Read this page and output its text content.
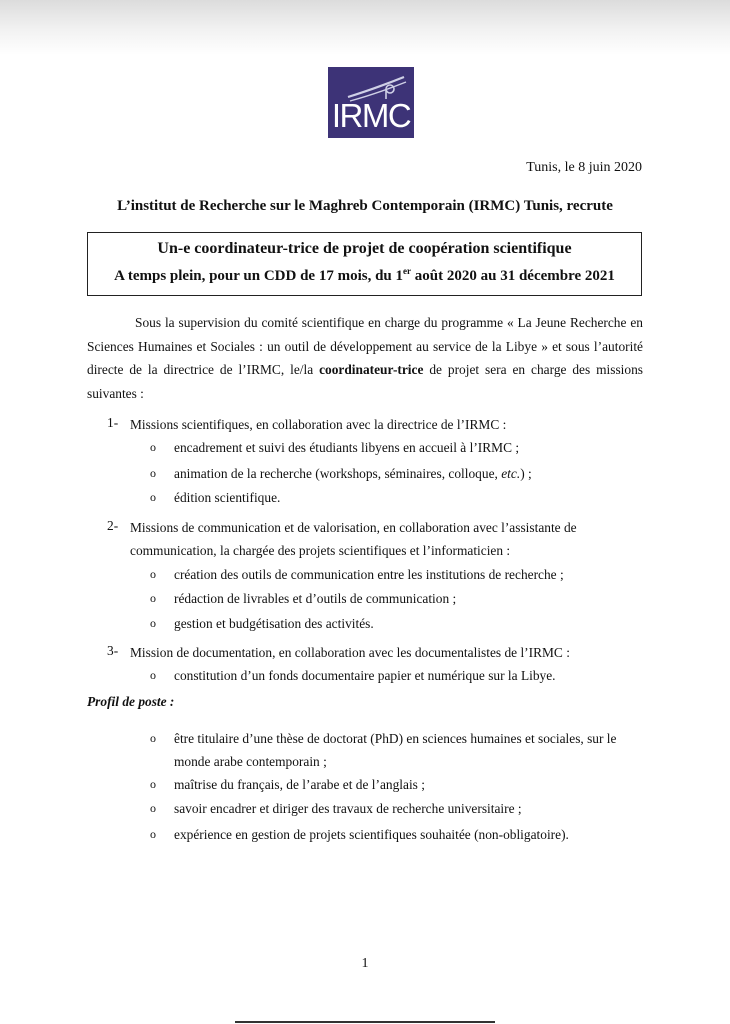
IRMC
Tunis, le 8 juin 2020
L’institut de Recherche sur le Maghreb Contemporain (IRMC) Tunis, recrute
Un-e coordinateur-trice de projet de coopération scientifique
A temps plein, pour un CDD de 17 mois, du 1er août 2020 au 31 décembre 2021
Sous la supervision du comité scientifique en charge du programme « La Jeune Recherche en Sciences Humaines et Sociales : un outil de développement au service de la Libye » et sous l’autorité directe de la directrice de l’IRMC, le/la coordinateur-trice de projet sera en charge des missions suivantes :
1- Missions scientifiques, en collaboration avec la directrice de l’IRMC :
o encadrement et suivi des étudiants libyens en accueil à l’IRMC ;
o animation de la recherche (workshops, séminaires, colloque, etc.) ;
o édition scientifique.
2- Missions de communication et de valorisation, en collaboration avec l’assistante de
communication, la chargée des projets scientifiques et l’informaticien :
o création des outils de communication entre les institutions de recherche ;
o rédaction de livrables et d’outils de communication ;
o gestion et budgétisation des activités.
3- Mission de documentation, en collaboration avec les documentalistes de l’IRMC :
o constitution d’un fonds documentaire papier et numérique sur la Libye.
Profil de poste :
o être titulaire d’une thèse de doctorat (PhD) en sciences humaines et sociales, sur le
monde arabe contemporain ;
o maîtrise du français, de l’arabe et de l’anglais ;
o savoir encadrer et diriger des travaux de recherche universitaire ;
o expérience en gestion de projets scientifiques souhaitée (non-obligatoire).
1
